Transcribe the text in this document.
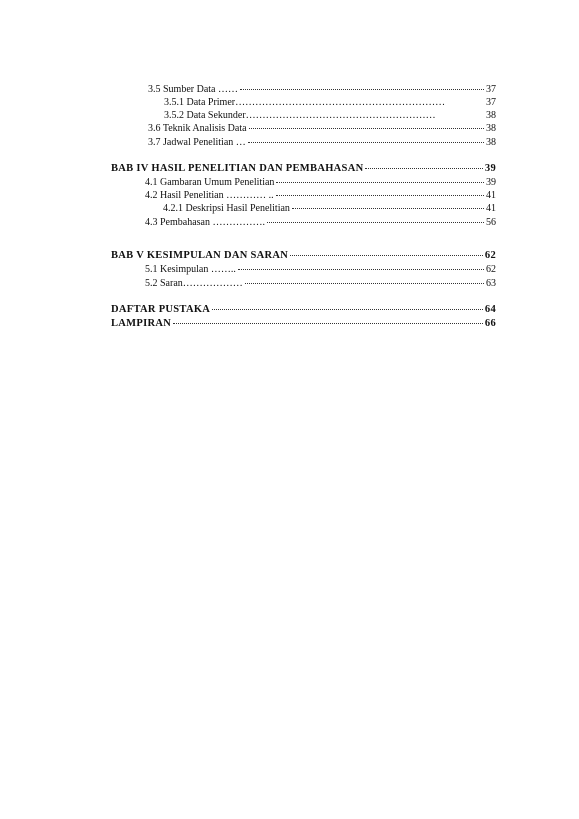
3.5 Sumber Data ……	37
3.5.1 Data Primer………………………………………………………	37
3.5.2 Data Sekunder…………………………………………………	38
3.6 Teknik Analisis Data	38
3.7 Jadwal Penelitian …	38
BAB IV HASIL PENELITIAN DAN PEMBAHASAN	39
4.1 Gambaran Umum Penelitian	39
4.2 Hasil Penelitian ………… ..	41
4.2.1 Deskripsi Hasil Penelitian	41
4.3 Pembahasan …………….	56
BAB V KESIMPULAN DAN SARAN	62
5.1 Kesimpulan ……..	62
5.2 Saran………………	63
DAFTAR PUSTAKA	64
LAMPIRAN	66
